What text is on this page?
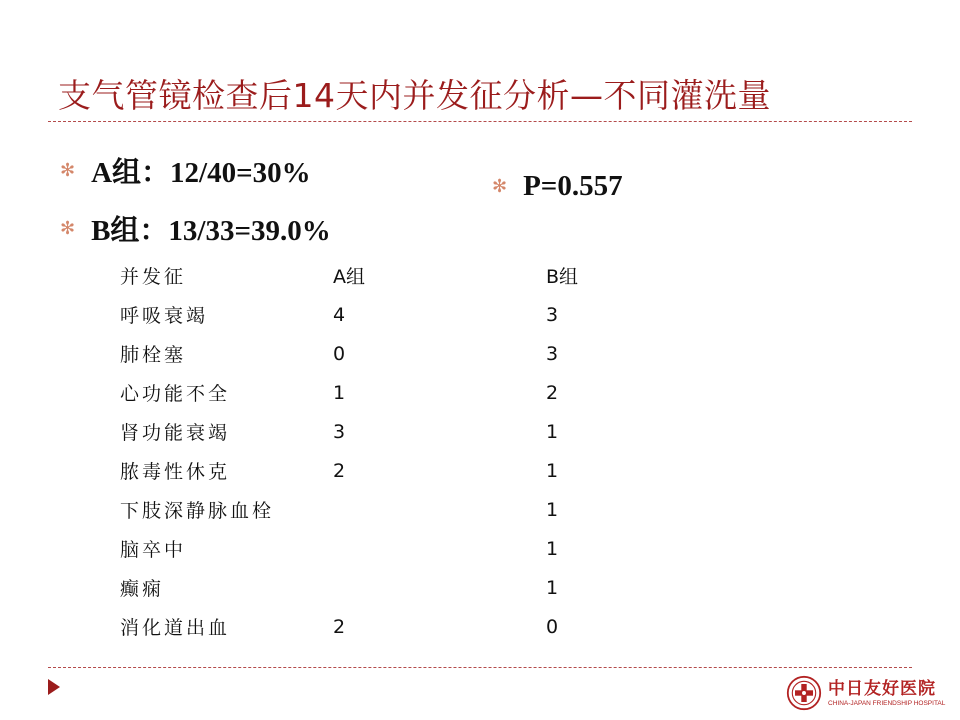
支气管镜检查后14天内并发征分析—不同灌洗量
✻ A组：12/40=30%
✻ B组：13/33=39.0%
✻ P=0.557
并发征	A组	B组
呼吸衰竭	4	3
肺栓塞	0	3
心功能不全	1	2
肾功能衰竭	3	1
脓毒性休克	2	1
下肢深静脉血栓		1
脑卒中		1
癫痫		1
消化道出血	2	0
中日友好医院
CHINA-JAPAN FRIENDSHIP HOSPITAL
